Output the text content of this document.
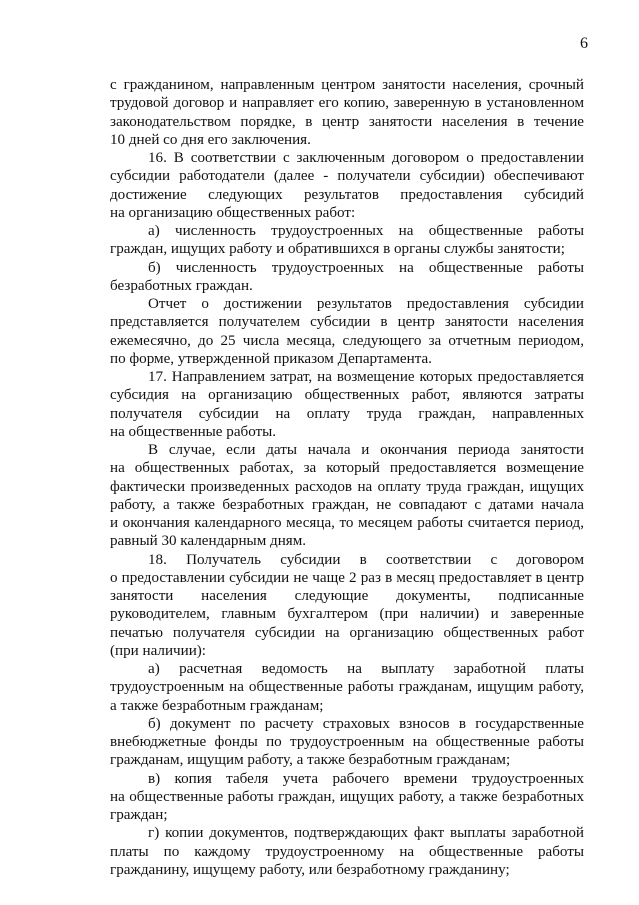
6

с гражданином, направленным центром занятости населения, срочный
трудовой договор и направляет его копию, заверенную в установленном
законодательством порядке, в центр занятости населения в течение
10 дней со дня его заключения.

16. В соответствии с заключенным договором о предоставлении
субсидии работодатели (далее - получатели субсидии) обеспечивают
достижение следующих результатов предоставления субсидий
на организацию общественных работ:

а) численность трудоустроенных на общественные работы
граждан, ищущих работу и обратившихся в органы службы занятости;

б) численность трудоустроенных на общественные работы
безработных граждан.

Отчет о достижении результатов предоставления субсидии
представляется получателем субсидии в центр занятости населения
ежемесячно, до 25 числа месяца, следующего за отчетным периодом,
по форме, утвержденной приказом Департамента.

17. Направлением затрат, на возмещение которых предоставляется
субсидия на организацию общественных работ, являются затраты
получателя субсидии на оплату труда граждан, направленных
на общественные работы.

В случае, если даты начала и окончания периода занятости
на общественных работах, за который предоставляется возмещение
фактически произведенных расходов на оплату труда граждан, ищущих
работу, а также безработных граждан, не совпадают с датами начала
и окончания календарного месяца, то месяцем работы считается период,
равный 30 календарным дням.

18. Получатель субсидии в соответствии с договором
о предоставлении субсидии не чаще 2 раз в месяц предоставляет в центр
занятости населения следующие документы, подписанные
руководителем, главным бухгалтером (при наличии) и заверенные
печатью получателя субсидии на организацию общественных работ
(при наличии):

а) расчетная ведомость на выплату заработной платы
трудоустроенным на общественные работы гражданам, ищущим работу,
а также безработным гражданам;

б) документ по расчету страховых взносов в государственные
внебюджетные фонды по трудоустроенным на общественные работы
гражданам, ищущим работу, а также безработным гражданам;

в) копия табеля учета рабочего времени трудоустроенных
на общественные работы граждан, ищущих работу, а также безработных
граждан;

г) копии документов, подтверждающих факт выплаты заработной
платы по каждому трудоустроенному на общественные работы
гражданину, ищущему работу, или безработному гражданину;
